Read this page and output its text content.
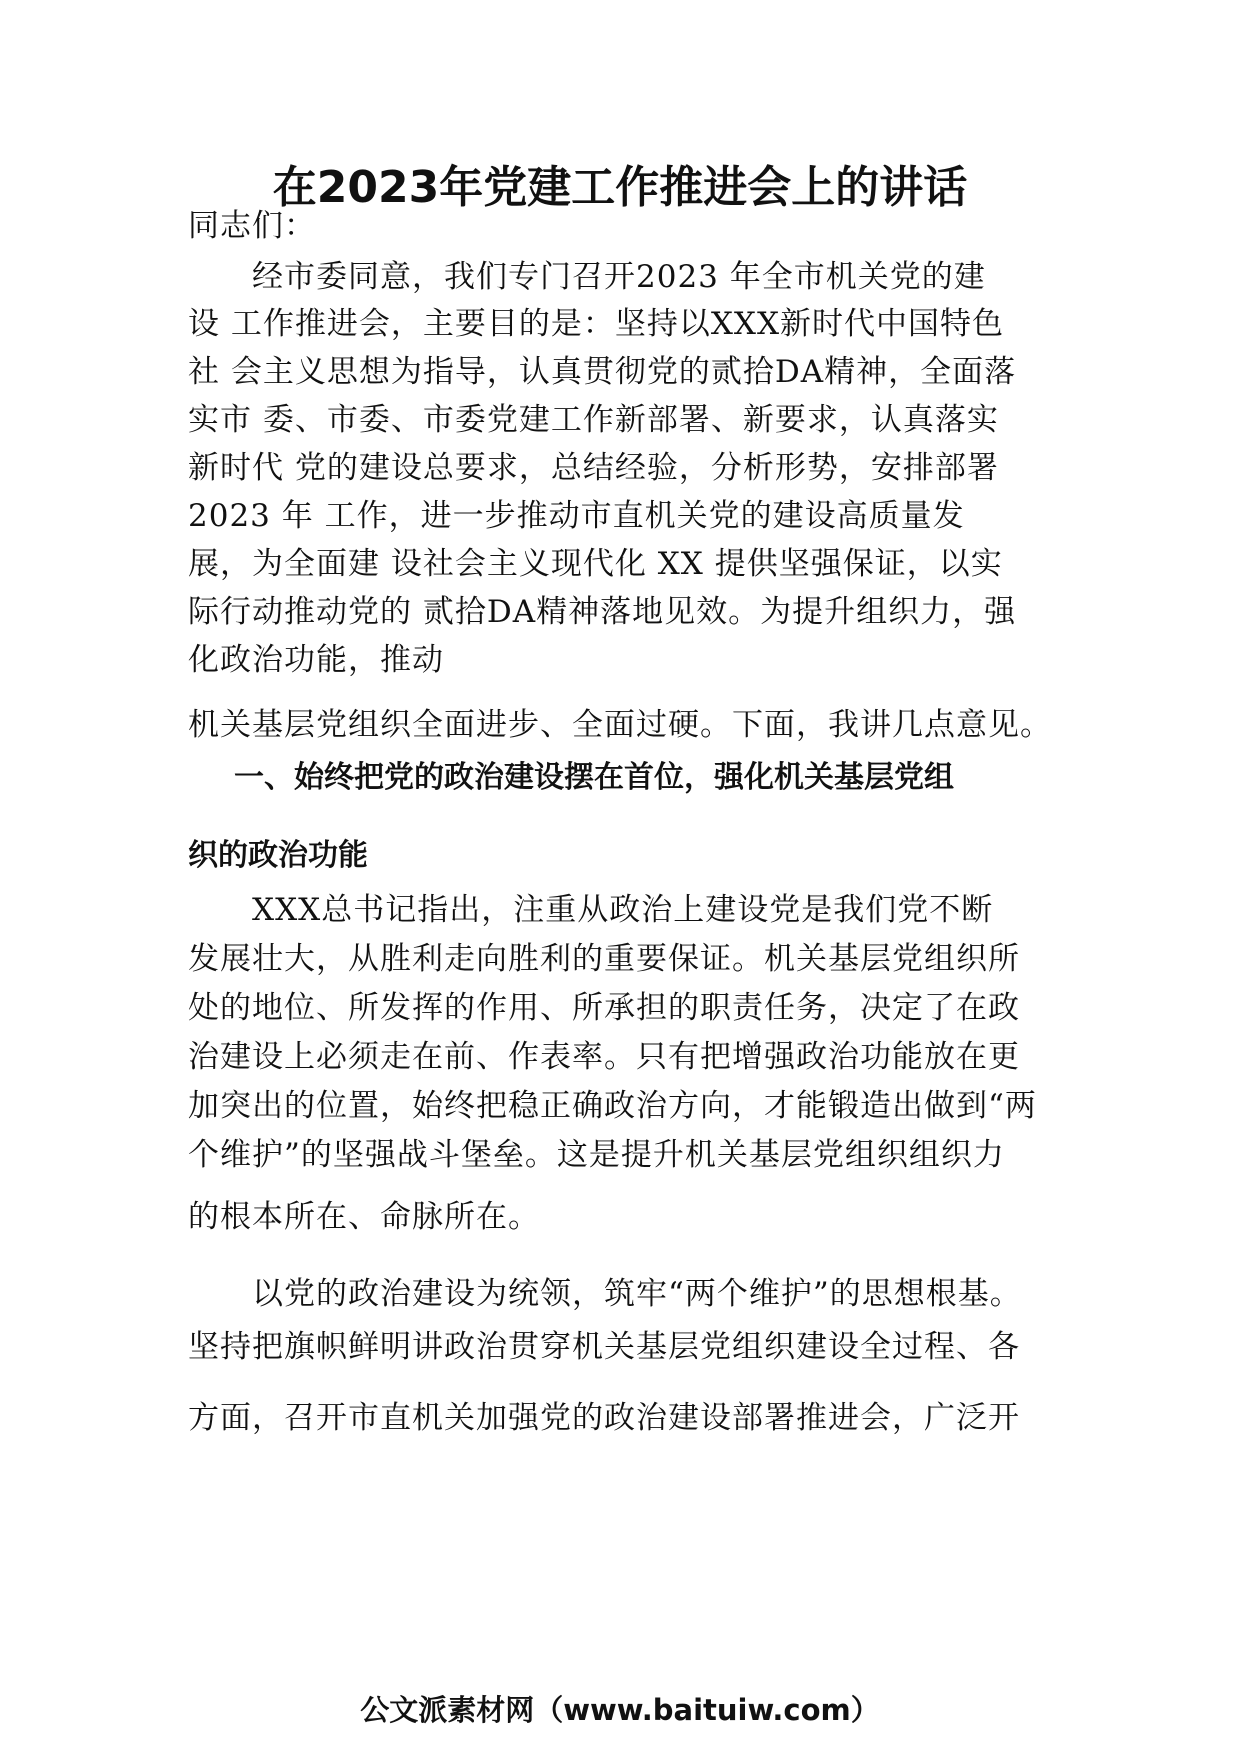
在2023年党建工作推进会上的讲话
同志们：
　　经市委同意，我们专门召开2023 年全市机关党的建
设 工作推进会，主要目的是：坚持以XXX新时代中国特色
社 会主义思想为指导，认真贯彻党的贰拾DA精神，全面落
实市 委、市委、市委党建工作新部署、新要求，认真落实
新时代 党的建设总要求，总结经验，分析形势，安排部署
2023 年 工作，进一步推动市直机关党的建设高质量发
展，为全面建 设社会主义现代化 XX 提供坚强保证，以实
际行动推动党的 贰拾DA精神落地见效。为提升组织力，强
化政治功能，推动
机关基层党组织全面进步、全面过硬。下面，我讲几点意见。
一、始终把党的政治建设摆在首位，强化机关基层党组
织的政治功能
　　XXX总书记指出，注重从政治上建设党是我们党不断
发展壮大，从胜利走向胜利的重要保证。机关基层党组织所
处的地位、所发挥的作用、所承担的职责任务，决定了在政
治建设上必须走在前、作表率。只有把增强政治功能放在更
加突出的位置，始终把稳正确政治方向，才能锻造出做到“两
个维护”的坚强战斗堡垒。这是提升机关基层党组织组织力
的根本所在、命脉所在。
　　以党的政治建设为统领，筑牢“两个维护”的思想根基。
坚持把旗帜鲜明讲政治贯穿机关基层党组织建设全过程、各
方面，召开市直机关加强党的政治建设部署推进会，广泛开
公文派素材网（www.baituiw.com）
